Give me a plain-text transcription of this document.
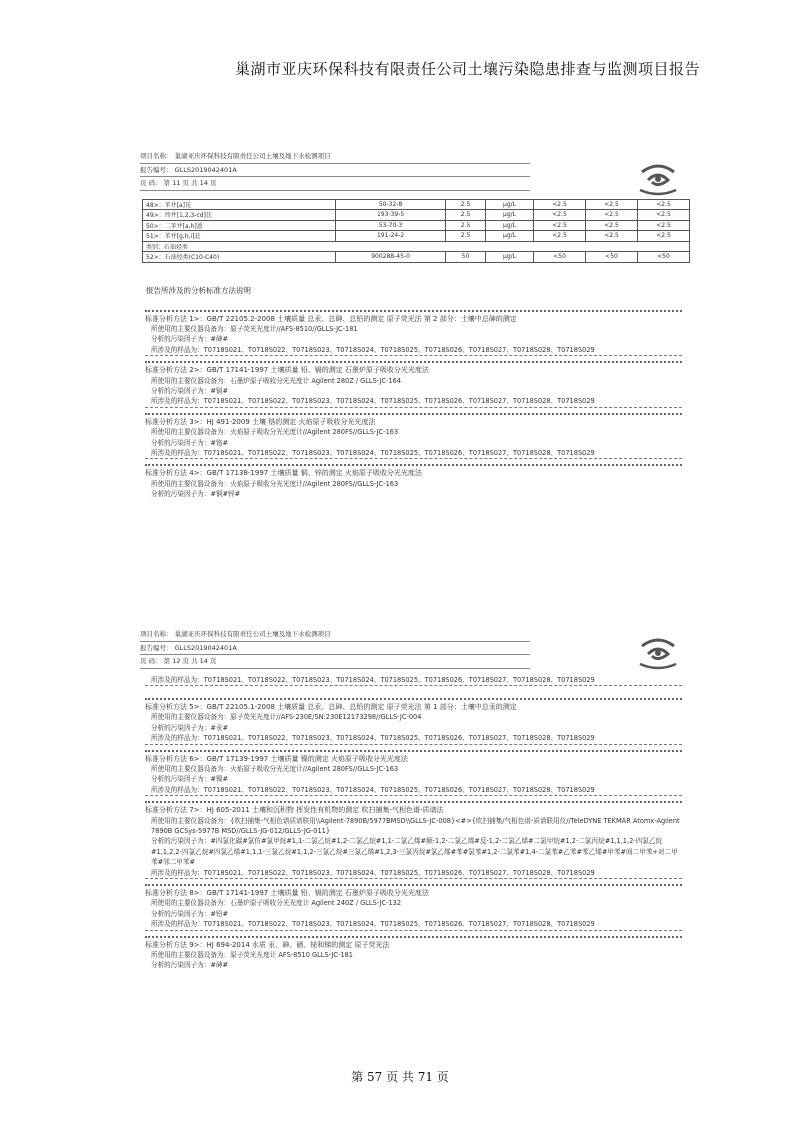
巢湖市亚庆环保科技有限责任公司土壤污染隐患排查与监测项目报告
项目名称： 巢湖亚庆环保科技有限责任公司土壤及地下水检测项目
报告编号： GLLS2019042401A
页 码： 第 11 页 共 14 页
48>：苯并[a]芘	50-32-8	2.5	μg/L	<2.5	<2.5	<2.5
49>：茚并[1,2,3-cd]芘	193-39-5	2.5	μg/L	<2.5	<2.5	<2.5
50>：二苯并[a,h]蒽	53-70-3	2.5	μg/L	<2.5	<2.5	<2.5
51>：苯并[g,h,i]苝	191-24-2	2.5	μg/L	<2.5	<2.5	<2.5
类别：石油烃类						
52>：石油烃类(C10-C40)	900288-45-0	50	μg/L	<50	<50	<50
报告所涉及的分析标准方法说明
标准分析方法 1>：GB/T 22105.2-2008 土壤质量 总汞、总砷、总铅的测定 原子荧光法 第 2 部分：土壤中总砷的测定
所使用的主要仪器设备为：原子荧光光度计//AFS-8510//GLLS-JC-181
分析的污染因子为：#砷#
所涉及的样品为：T0718S021、T0718S022、T0718S023、T0718S024、T0718S025、T0718S026、T0718S027、T0718S028、T0718S029
标准分析方法 2>：GB/T 17141-1997 土壤质量 铅、镉的测定 石墨炉原子吸收分光光度法
所使用的主要仪器设备为：石墨炉原子吸收分光光度计 Agilent 280Z / GLLS-JC-164
分析的污染因子为：#镉#
所涉及的样品为：T0718S021、T0718S022、T0718S023、T0718S024、T0718S025、T0718S026、T0718S027、T0718S028、T0718S029
标准分析方法 3>：HJ 491-2009 土壤 铬的测定 火焰原子吸收分光光度法
所使用的主要仪器设备为：火焰原子吸收分光光度计//Agilent 280FS//GLLS-JC-163
分析的污染因子为：#铬#
所涉及的样品为：T0718S021、T0718S022、T0718S023、T0718S024、T0718S025、T0718S026、T0718S027、T0718S028、T0718S029
标准分析方法 4>：GB/T 17138-1997 土壤质量 铜、锌的测定 火焰原子吸收分光光度法
所使用的主要仪器设备为：火焰原子吸收分光光度计//Agilent 280FS//GLLS-JC-163
分析的污染因子为：#铜#锌#
项目名称： 巢湖亚庆环保科技有限责任公司土壤及地下水检测项目
报告编号： GLLS2019042401A
页 码： 第 12 页 共 14 页
所涉及的样品为：T0718S021、T0718S022、T0718S023、T0718S024、T0718S025、T0718S026、T0718S027、T0718S028、T0718S029
标准分析方法 5>：GB/T 22105.1-2008 土壤质量 总汞、总砷、总铅的测定 原子荧光法 第 1 部分：土壤中总汞的测定
所使用的主要仪器设备为：原子荧光光度计//AFS-230E/SN:230E12173298//GLLS-JC-004
分析的污染因子为：#汞#
所涉及的样品为：T0718S021、T0718S022、T0718S023、T0718S024、T0718S025、T0718S026、T0718S027、T0718S028、T0718S029
标准分析方法 6>：GB/T 17139-1997 土壤质量 镍的测定 火焰原子吸收分光光度法
所使用的主要仪器设备为：火焰原子吸收分光光度计//Agilent 280FS//GLLS-JC-163
分析的污染因子为：#镍#
所涉及的样品为：T0718S021、T0718S022、T0718S023、T0718S024、T0718S025、T0718S026、T0718S027、T0718S028、T0718S029
标准分析方法 7>：HJ 605-2011 土壤和沉积物 挥发性有机物的测定 吹扫捕集-气相色谱-质谱法
所使用的主要仪器设备为：{吹扫捕集-气相色谱质谱联用\\Agilent-7890B/5977BMSD\\GLLS-JC-008}<#>{吹扫捕集/气相色谱-质谱联用仪//TeleDYNE TEKMAR Atomx-Agilent 7890B GCSys-5977B MSD//GLLS-JG-012/GLLS-JG-011}
分析的污染因子为：#四氯化碳#氯仿#氯甲烷#1,1-二氯乙烷#1,2-二氯乙烷#1,1-二氯乙烯#顺-1,2-二氯乙烯#反-1,2-二氯乙烯#二氯甲烷#1,2-二氯丙烷#1,1,1,2-四氯乙烷#1,1,2,2-四氯乙烷#四氯乙烯#1,1,1-三氯乙烷#1,1,2-三氯乙烷#三氯乙烯#1,2,3-三氯丙烷#氯乙烯#苯#氯苯#1,2-二氯苯#1,4-二氯苯#乙苯#苯乙烯#甲苯#间二甲苯+对二甲苯#邻二甲苯#
所涉及的样品为：T0718S021、T0718S022、T0718S023、T0718S024、T0718S025、T0718S026、T0718S027、T0718S028、T0718S029
标准分析方法 8>：GB/T 17141-1997 土壤质量 铅、镉的测定 石墨炉原子吸收分光光度法
所使用的主要仪器设备为：石墨炉原子吸收分光光度计 Agilent 240Z / GLLS-JC-132
分析的污染因子为：#铅#
所涉及的样品为：T0718S021、T0718S022、T0718S023、T0718S024、T0718S025、T0718S026、T0718S027、T0718S028、T0718S029
标准分析方法 9>：HJ 694-2014 水质 汞、砷、硒、铋和锑的测定 原子荧光法
所使用的主要仪器设备为：原子荧光光度计 AFS-8510 GLLS-JC-181
分析的污染因子为：#砷#
第 57 页 共 71 页
